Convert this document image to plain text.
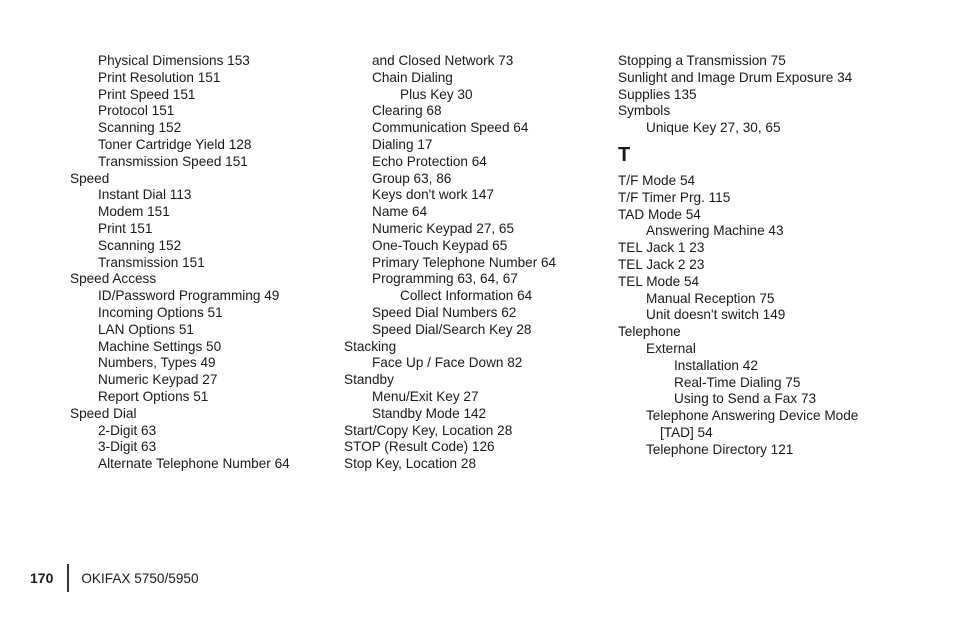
Physical Dimensions 153
Print Resolution 151
Print Speed 151
Protocol 151
Scanning 152
Toner Cartridge Yield 128
Transmission Speed 151
Speed
Instant Dial 113
Modem 151
Print 151
Scanning 152
Transmission 151
Speed Access
ID/Password Programming 49
Incoming Options 51
LAN Options 51
Machine Settings 50
Numbers, Types 49
Numeric Keypad 27
Report Options 51
Speed Dial
2-Digit 63
3-Digit 63
Alternate Telephone Number 64
and Closed Network 73
Chain Dialing
Plus Key 30
Clearing 68
Communication Speed 64
Dialing 17
Echo Protection 64
Group 63, 86
Keys don't work 147
Name 64
Numeric Keypad 27, 65
One-Touch Keypad 65
Primary Telephone Number 64
Programming 63, 64, 67
Collect Information 64
Speed Dial Numbers 62
Speed Dial/Search Key 28
Stacking
Face Up / Face Down 82
Standby
Menu/Exit Key 27
Standby Mode 142
Start/Copy Key, Location 28
STOP (Result Code) 126
Stop Key, Location 28
Stopping a Transmission 75
Sunlight and Image Drum Exposure 34
Supplies 135
Symbols
Unique Key 27, 30, 65
T
T/F Mode 54
T/F Timer Prg. 115
TAD Mode 54
Answering Machine 43
TEL Jack 1 23
TEL Jack 2 23
TEL Mode 54
Manual Reception 75
Unit doesn't switch 149
Telephone
External
Installation 42
Real-Time Dialing 75
Using to Send a Fax 73
Telephone Answering Device Mode
[TAD] 54
Telephone Directory 121
170 OKIFAX 5750/5950
